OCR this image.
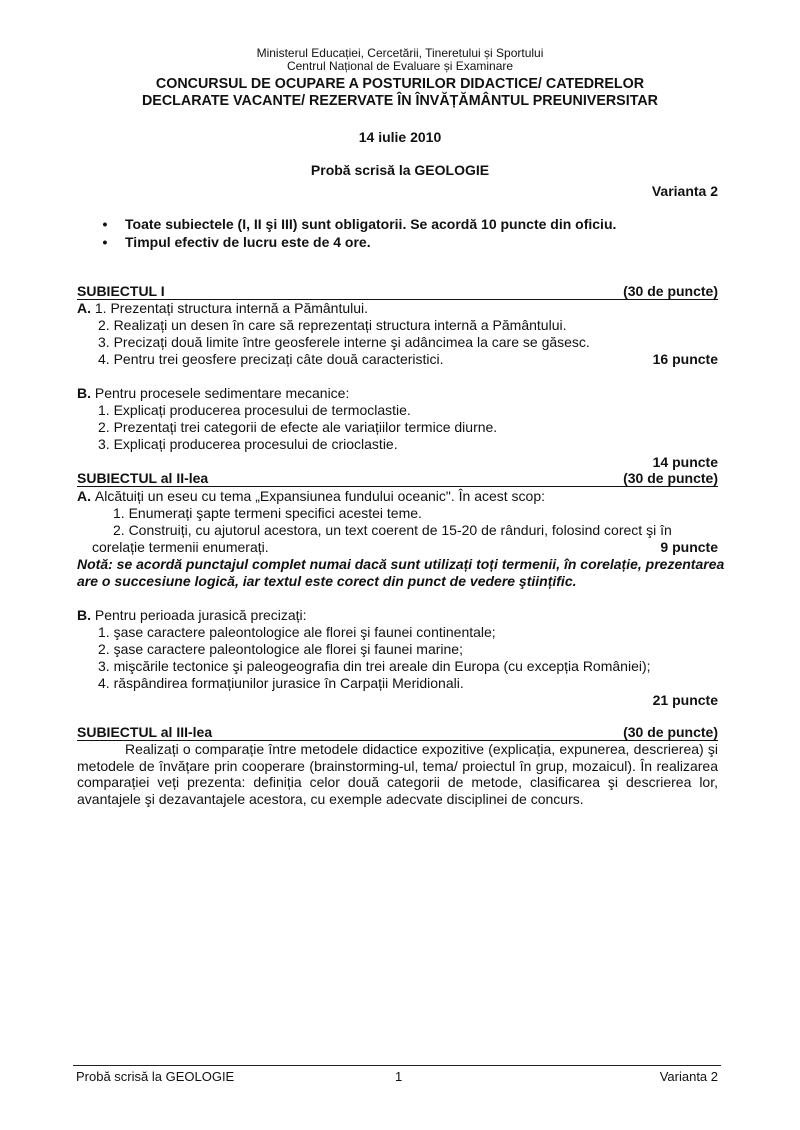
Ministerul Educației, Cercetării, Tineretului și Sportului
Centrul Național de Evaluare și Examinare
CONCURSUL DE OCUPARE A POSTURILOR DIDACTICE/ CATEDRELOR
DECLARATE VACANTE/ REZERVATE ÎN ÎNVĂȚĂMÂNTUL PREUNIVERSITAR
14 iulie 2010
Probă scrisă la GEOLOGIE
Varianta 2
• Toate subiectele (I, II şi III) sunt obligatorii. Se acordă 10 puncte din oficiu.
• Timpul efectiv de lucru este de 4 ore.
SUBIECTUL I	(30 de puncte)
A. 1. Prezentați structura internă a Pământului.
2. Realizați un desen în care să reprezentați structura internă a Pământului.
3. Precizați două limite între geosferele interne şi adâncimea la care se găsesc.
4. Pentru trei geosfere precizați câte două caracteristici.	16 puncte
B. Pentru procesele sedimentare mecanice:
1. Explicați producerea procesului de termoclastie.
2. Prezentați trei categorii de efecte ale variațiilor termice diurne.
3. Explicați producerea procesului de crioclastie.
14 puncte
SUBIECTUL al II-lea	(30 de puncte)
A. Alcătuiți un eseu cu tema „Expansiunea fundului oceanic". În acest scop:
1. Enumerați şapte termeni specifici acestei teme.
2. Construiți, cu ajutorul acestora, un text coerent de 15-20 de rânduri, folosind corect şi în
corelație termenii enumerați.	9 puncte
Notă: se acordă punctajul complet numai dacă sunt utilizați toți termenii, în corelație, prezentarea
are o succesiune logică, iar textul este corect din punct de vedere ştiințific.
B. Pentru perioada jurasică precizați:
1. şase caractere paleontologice ale florei şi faunei continentale;
2. şase caractere paleontologice ale florei şi faunei marine;
3. mişcările tectonice şi paleogeografia din trei areale din Europa (cu excepția României);
4. răspândirea formațiunilor jurasice în Carpații Meridionali.
21 puncte
SUBIECTUL al III-lea	(30 de puncte)
Realizați o comparație între metodele didactice expozitive (explicația, expunerea, descrierea) şi metodele de învățare prin cooperare (brainstorming-ul, tema/ proiectul în grup, mozaicul). În realizarea comparației veți prezenta: definiția celor două categorii de metode, clasificarea şi descrierea lor, avantajele şi dezavantajele acestora, cu exemple adecvate disciplinei de concurs.
Probă scrisă la GEOLOGIE	1	Varianta 2
